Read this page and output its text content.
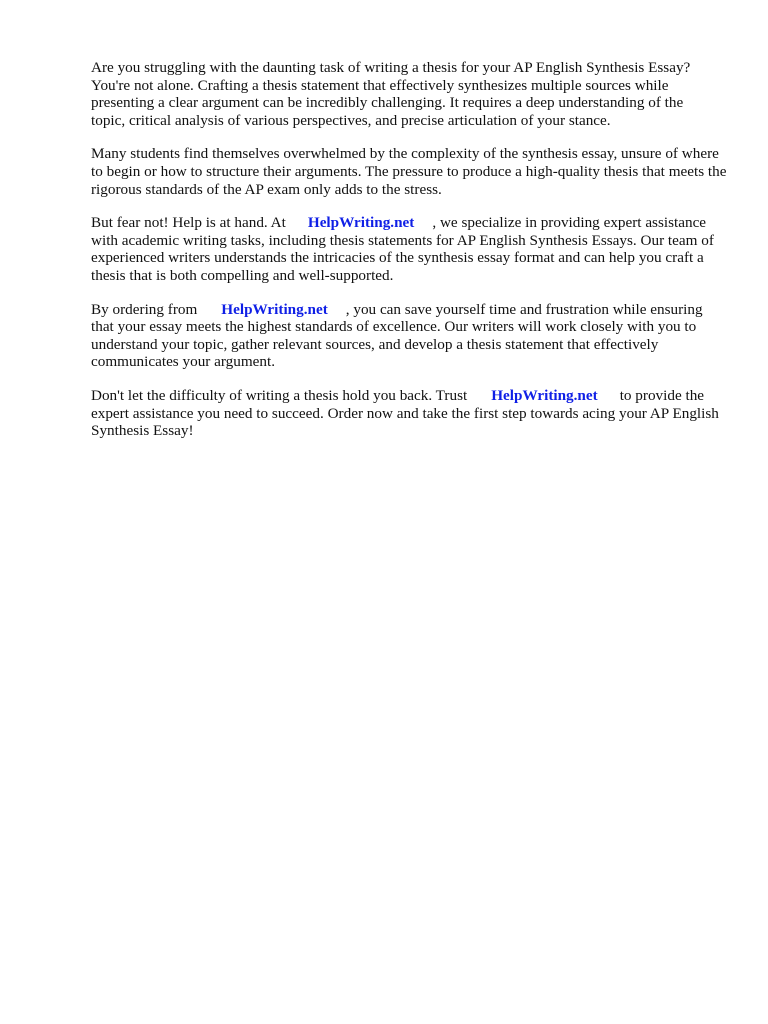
Are you struggling with the daunting task of writing a thesis for your AP English Synthesis Essay? You're not alone. Crafting a thesis statement that effectively synthesizes multiple sources while presenting a clear argument can be incredibly challenging. It requires a deep understanding of the topic, critical analysis of various perspectives, and precise articulation of your stance.

Many students find themselves overwhelmed by the complexity of the synthesis essay, unsure of where to begin or how to structure their arguments. The pressure to produce a high-quality thesis that meets the rigorous standards of the AP exam only adds to the stress.

But fear not! Help is at hand. At HelpWriting.net , we specialize in providing expert assistance with academic writing tasks, including thesis statements for AP English Synthesis Essays. Our team of experienced writers understands the intricacies of the synthesis essay format and can help you craft a thesis that is both compelling and well-supported.

By ordering from HelpWriting.net , you can save yourself time and frustration while ensuring that your essay meets the highest standards of excellence. Our writers will work closely with you to understand your topic, gather relevant sources, and develop a thesis statement that effectively communicates your argument.

Don't let the difficulty of writing a thesis hold you back. Trust HelpWriting.net to provide the expert assistance you need to succeed. Order now and take the first step towards acing your AP English Synthesis Essay!
